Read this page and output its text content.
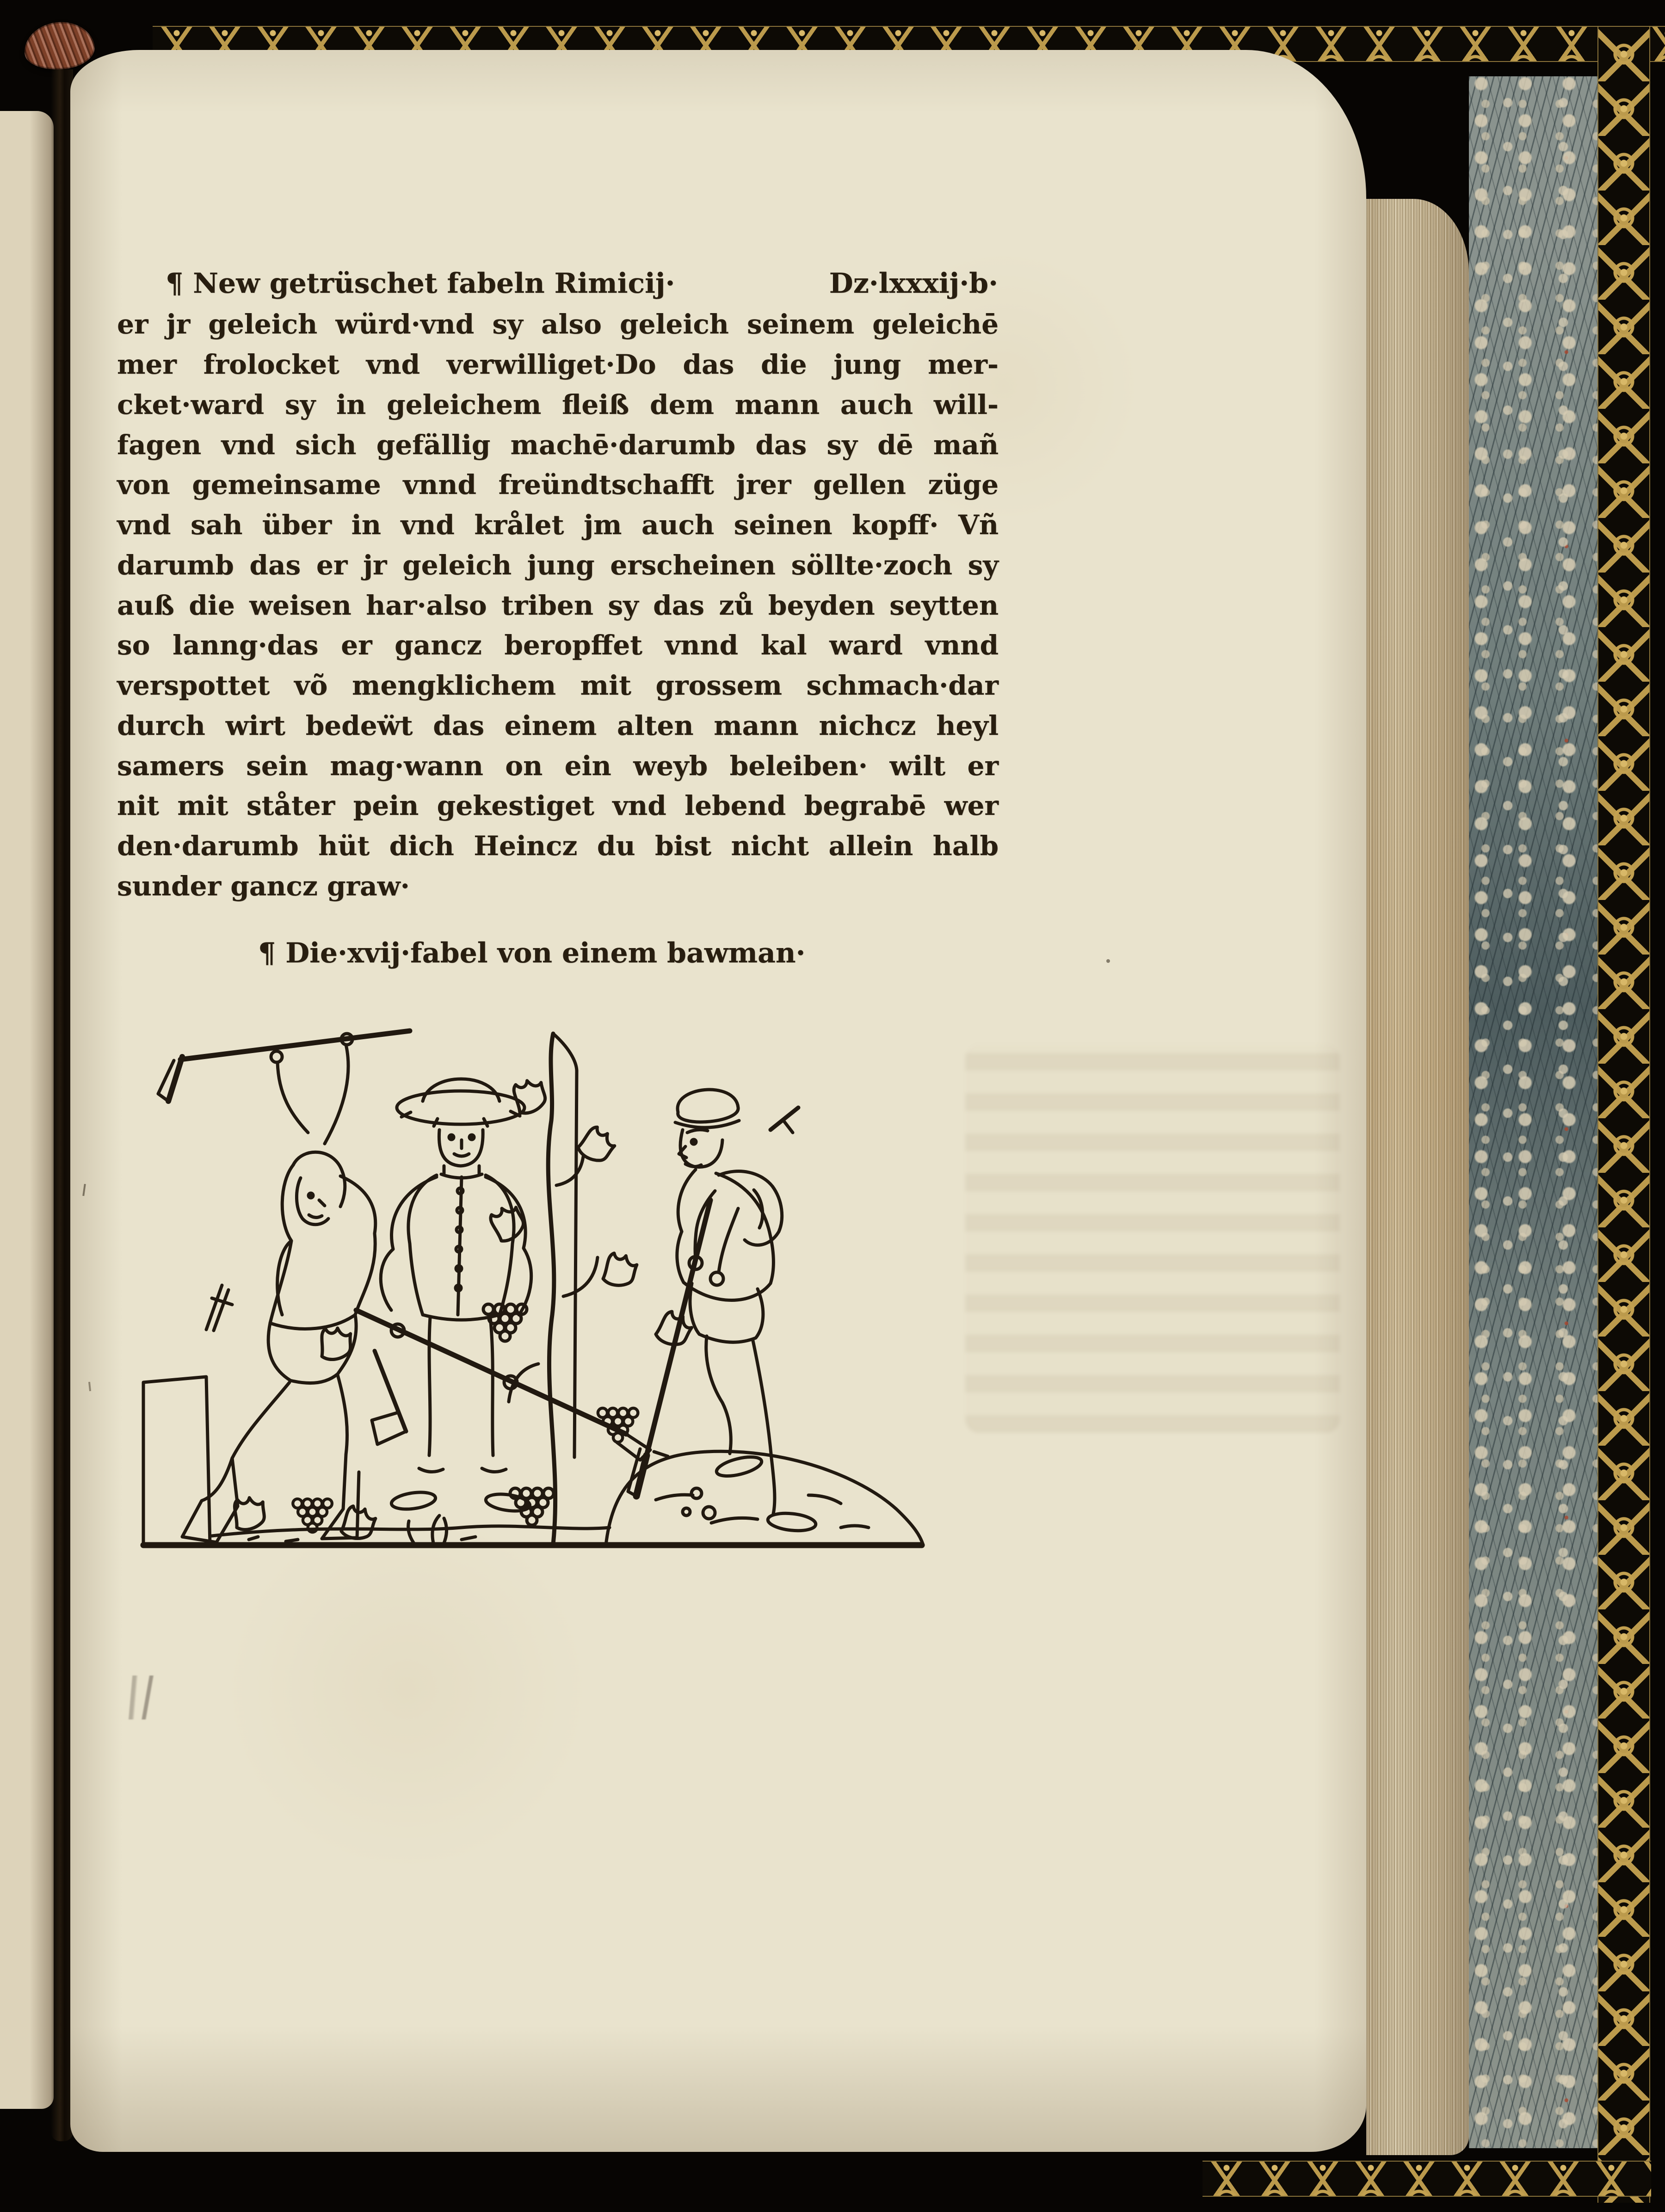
¶ New getrüschet fabeln Rimicij·	Dz·lxxxij·b·
er jr geleich würd·vnd sy also geleich seinem geleichē
mer frolocket vnd verwilliget·Do das die jung mer-
cket·ward sy in geleichem fleiß dem mann auch will-
fagen vnd sich gefällig machē·darumb das sy dē mañ
von gemeinsame vnnd freündtschafft jrer gellen züge
vnd sah über in vnd krålet jm auch seinen kopff· Vñ
darumb das er jr geleich jung erscheinen söllte·zoch sy
auß die weisen har·also triben sy das zů beyden seytten
so lanng·das er gancz beropffet vnnd kal ward vnnd
verspottet võ mengklichem mit grossem schmach·dar
durch wirt bedeẅt das einem alten mann nichcz heyl
samers sein mag·wann on ein weyb beleiben· wilt er
nit mit ståter pein gekestiget vnd lebend begrabē wer
den·darumb hüt dich Heincz du bist nicht allein halb
sunder gancz graw·
¶ Die·xvij·fabel von einem bawman·
